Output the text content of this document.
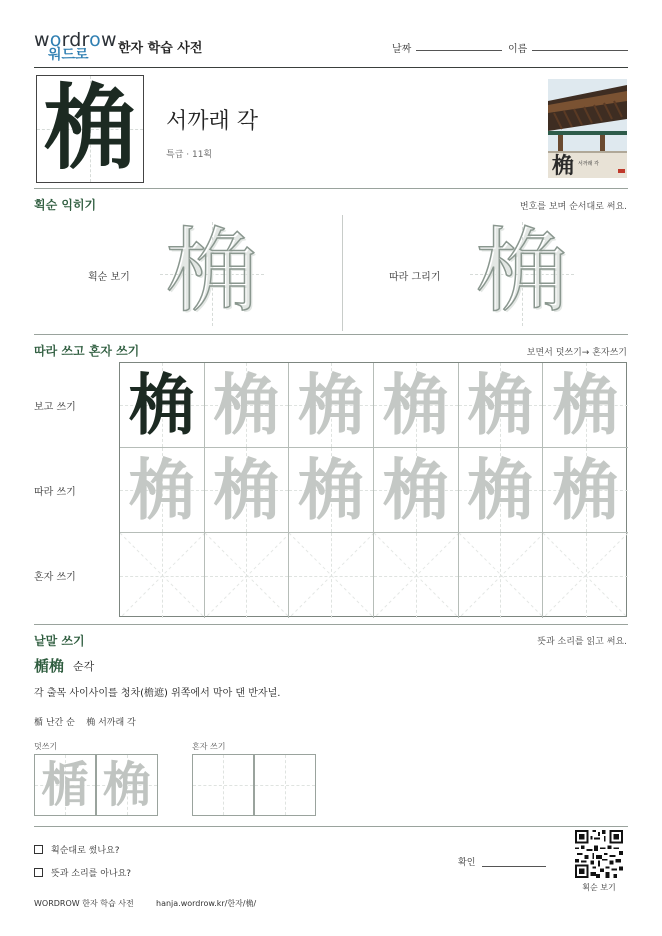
wordrow
워드로	한자 학습 사전	날짜	이름
桷	서까래 각
특급 · 11획	桷 서까래 각
획순 익히기	번호를 보며 순서대로 써요.
획순 보기 桷	따라 그리기 桷
따라 쓰고 혼자 쓰기	보면서 덧쓰기→ 혼자쓰기
보고 쓰기
따라 쓰기
혼자 쓰기
桷 桷 桷 桷 桷 桷
桷 桷 桷 桷 桷 桷
낱말 쓰기	뜻과 소리를 읽고 써요.
楯桷 순각
각 출목 사이사이를 청차(檐遮) 위쪽에서 막아 댄 반자널.
楯 난간 순    桷 서까래 각
덧쓰기
楯 桷
혼자 쓰기
획순대로 썼나요?
뜻과 소리를 아나요?
확인
획순 보기
WORDROW 한자 학습 사전	hanja.wordrow.kr/한자/桷/
